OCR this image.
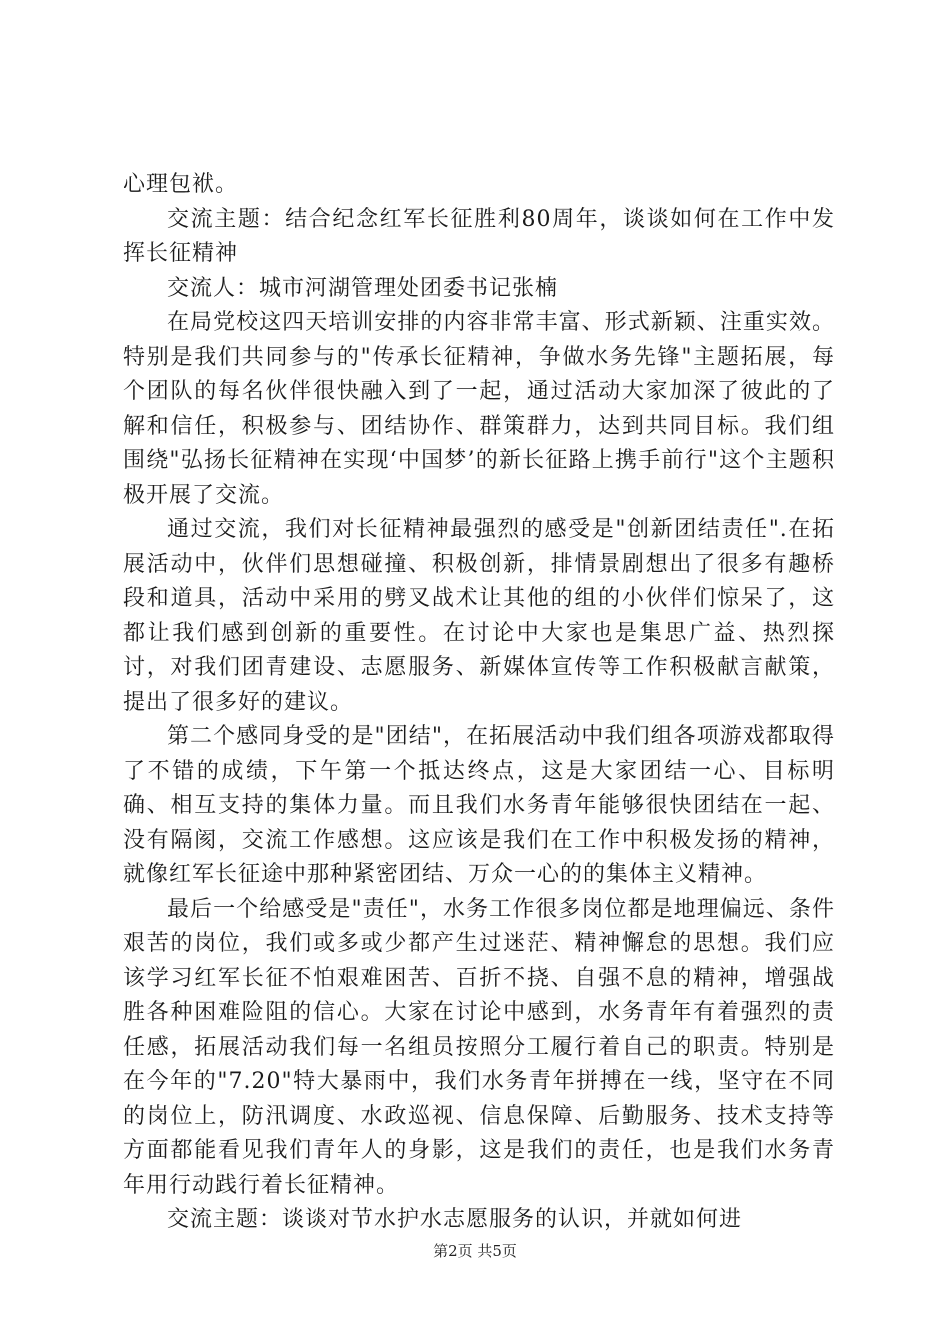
心理包袱。

交流主题：结合纪念红军长征胜利80周年，谈谈如何在工作中发挥长征精神

交流人：城市河湖管理处团委书记张楠

在局党校这四天培训安排的内容非常丰富、形式新颖、注重实效。特别是我们共同参与的"传承长征精神，争做水务先锋"主题拓展，每个团队的每名伙伴很快融入到了一起，通过活动大家加深了彼此的了解和信任，积极参与、团结协作、群策群力，达到共同目标。我们组围绕"弘扬长征精神在实现‘中国梦’的新长征路上携手前行"这个主题积极开展了交流。

通过交流，我们对长征精神最强烈的感受是"创新团结责任".在拓展活动中，伙伴们思想碰撞、积极创新，排情景剧想出了很多有趣桥段和道具，活动中采用的劈叉战术让其他的组的小伙伴们惊呆了，这都让我们感到创新的重要性。在讨论中大家也是集思广益、热烈探讨，对我们团青建设、志愿服务、新媒体宣传等工作积极献言献策，提出了很多好的建议。

第二个感同身受的是"团结"，在拓展活动中我们组各项游戏都取得了不错的成绩，下午第一个抵达终点，这是大家团结一心、目标明确、相互支持的集体力量。而且我们水务青年能够很快团结在一起、没有隔阂，交流工作感想。这应该是我们在工作中积极发扬的精神，就像红军长征途中那种紧密团结、万众一心的的集体主义精神。

最后一个给感受是"责任"，水务工作很多岗位都是地理偏远、条件艰苦的岗位，我们或多或少都产生过迷茫、精神懈怠的思想。我们应该学习红军长征不怕艰难困苦、百折不挠、自强不息的精神，增强战胜各种困难险阻的信心。大家在讨论中感到，水务青年有着强烈的责任感，拓展活动我们每一名组员按照分工履行着自己的职责。特别是在今年的"7.20"特大暴雨中，我们水务青年拼搏在一线，坚守在不同的岗位上，防汛调度、水政巡视、信息保障、后勤服务、技术支持等方面都能看见我们青年人的身影，这是我们的责任，也是我们水务青年用行动践行着长征精神。

交流主题：谈谈对节水护水志愿服务的认识，并就如何进

第2页 共5页
